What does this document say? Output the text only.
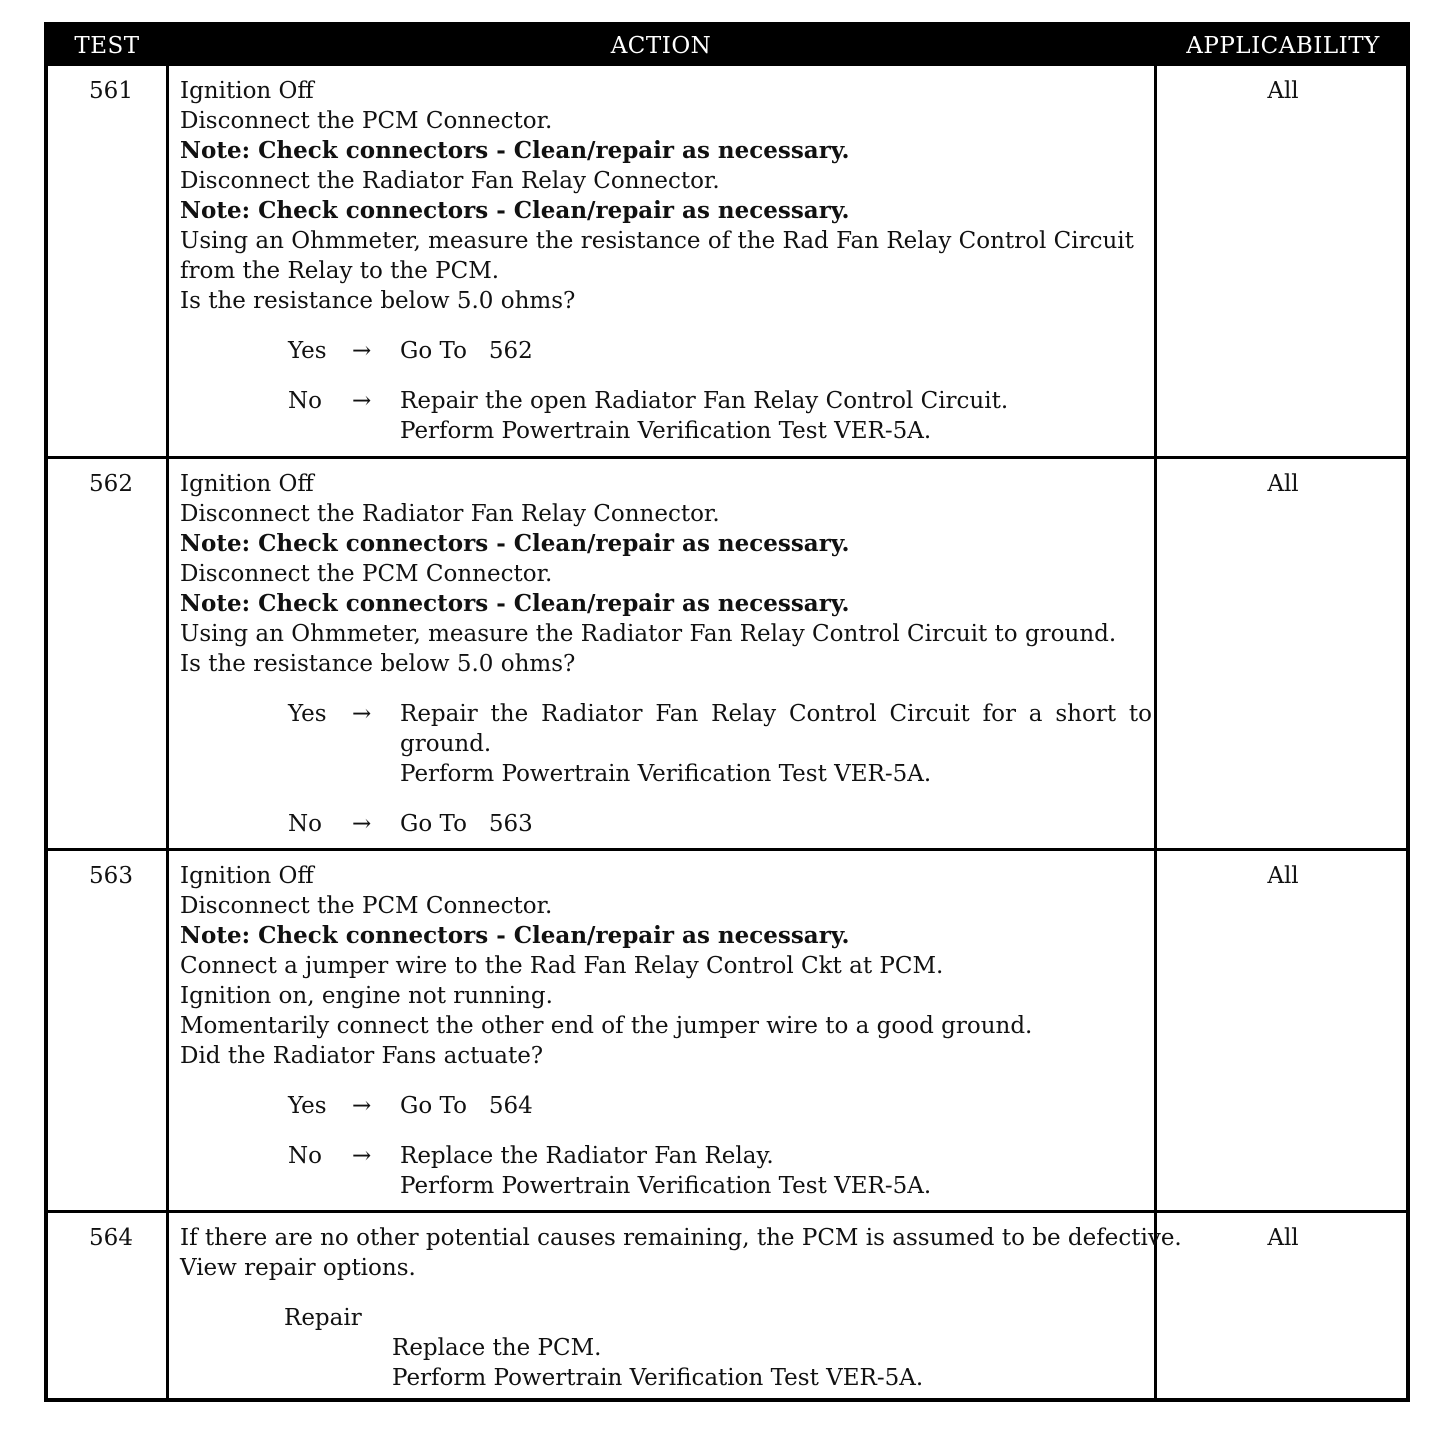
TEST	ACTION	APPLICABILITY
561	Ignition Off
Disconnect the PCM Connector.
Note: Check connectors - Clean/repair as necessary.
Disconnect the Radiator Fan Relay Connector.
Note: Check connectors - Clean/repair as necessary.
Using an Ohmmeter, measure the resistance of the Rad Fan Relay Control Circuit
from the Relay to the PCM.
Is the resistance below 5.0 ohms?
Yes → Go To   562
No → Repair the open Radiator Fan Relay Control Circuit.
Perform Powertrain Verification Test VER-5A.
All
562	Ignition Off
Disconnect the Radiator Fan Relay Connector.
Note: Check connectors - Clean/repair as necessary.
Disconnect the PCM Connector.
Note: Check connectors - Clean/repair as necessary.
Using an Ohmmeter, measure the Radiator Fan Relay Control Circuit to ground.
Is the resistance below 5.0 ohms?
Yes → Repair the Radiator Fan Relay Control Circuit for a short to ground.
Perform Powertrain Verification Test VER-5A.
No → Go To   563
All
563	Ignition Off
Disconnect the PCM Connector.
Note: Check connectors - Clean/repair as necessary.
Connect a jumper wire to the Rad Fan Relay Control Ckt at PCM.
Ignition on, engine not running.
Momentarily connect the other end of the jumper wire to a good ground.
Did the Radiator Fans actuate?
Yes → Go To   564
No → Replace the Radiator Fan Relay.
Perform Powertrain Verification Test VER-5A.
All
564	If there are no other potential causes remaining, the PCM is assumed to be defective.
View repair options.
Repair
Replace the PCM.
Perform Powertrain Verification Test VER-5A.
All
